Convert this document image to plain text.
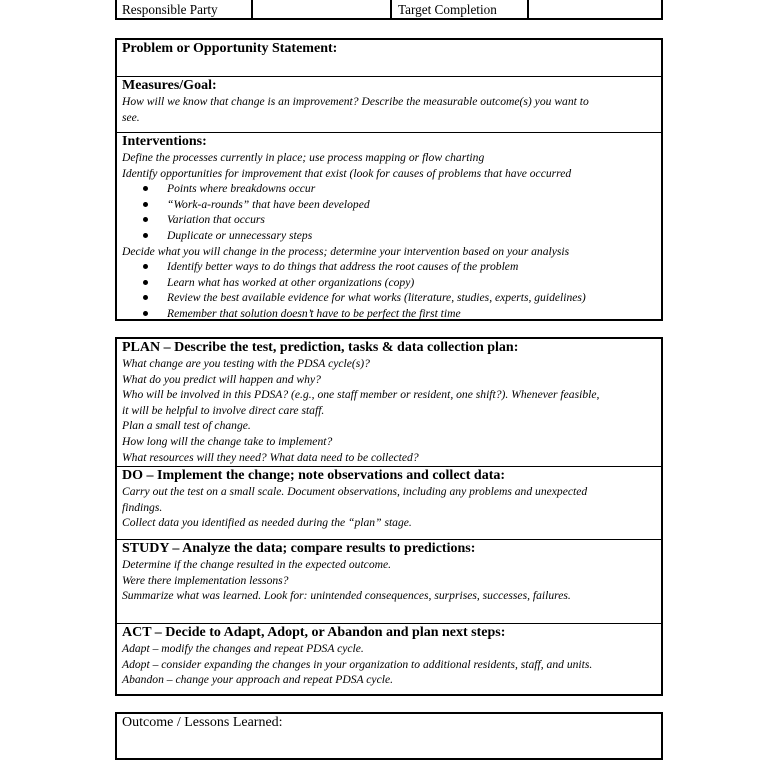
Responsible Party	Target Completion
Problem or Opportunity Statement:
Measures/Goal:
How will we know that change is an improvement? Describe the measurable outcome(s) you want to
see.
Interventions:
Define the processes currently in place; use process mapping or flow charting
Identify opportunities for improvement that exist (look for causes of problems that have occurred
Points where breakdowns occur
“Work-a-rounds” that have been developed
Variation that occurs
Duplicate or unnecessary steps
Decide what you will change in the process; determine your intervention based on your analysis
Identify better ways to do things that address the root causes of the problem
Learn what has worked at other organizations (copy)
Review the best available evidence for what works (literature, studies, experts, guidelines)
Remember that solution doesn’t have to be perfect the first time
PLAN – Describe the test, prediction, tasks & data collection plan:
What change are you testing with the PDSA cycle(s)?
What do you predict will happen and why?
Who will be involved in this PDSA? (e.g., one staff member or resident, one shift?). Whenever feasible,
it will be helpful to involve direct care staff.
Plan a small test of change.
How long will the change take to implement?
What resources will they need? What data need to be collected?
DO – Implement the change; note observations and collect data:
Carry out the test on a small scale. Document observations, including any problems and unexpected
findings.
Collect data you identified as needed during the “plan” stage.
STUDY – Analyze the data; compare results to predictions:
Determine if the change resulted in the expected outcome.
Were there implementation lessons?
Summarize what was learned. Look for: unintended consequences, surprises, successes, failures.
ACT – Decide to Adapt, Adopt, or Abandon and plan next steps:
Adapt – modify the changes and repeat PDSA cycle.
Adopt – consider expanding the changes in your organization to additional residents, staff, and units.
Abandon – change your approach and repeat PDSA cycle.
Outcome / Lessons Learned:
